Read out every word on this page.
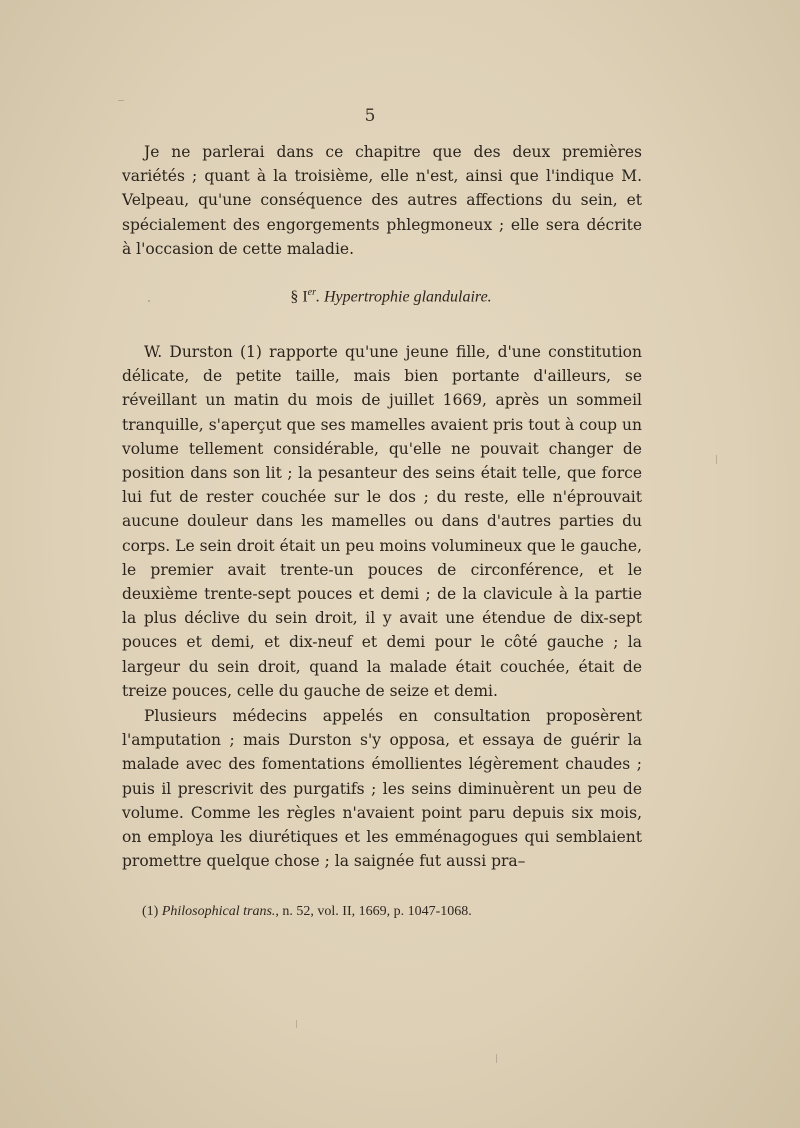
5

Je ne parlerai dans ce chapitre que des deux premières variétés ; quant à la troisième, elle n'est, ainsi que l'indique M. Velpeau, qu'une conséquence des autres affections du sein, et spécialement des engorgements phlegmoneux ; elle sera décrite à l'occasion de cette maladie.

§ Ier. Hypertrophie glandulaire.

W. Durston (1) rapporte qu'une jeune fille, d'une constitution délicate, de petite taille, mais bien portante d'ailleurs, se réveillant un matin du mois de juillet 1669, après un sommeil tranquille, s'aperçut que ses mamelles avaient pris tout à coup un volume tellement considérable, qu'elle ne pouvait changer de position dans son lit ; la pesanteur des seins était telle, que force lui fut de rester couchée sur le dos ; du reste, elle n'éprouvait aucune douleur dans les mamelles ou dans d'autres parties du corps. Le sein droit était un peu moins volumineux que le gauche, le premier avait trente-un pouces de circonférence, et le deuxième trente-sept pouces et demi ; de la clavicule à la partie la plus déclive du sein droit, il y avait une étendue de dix-sept pouces et demi, et dix-neuf et demi pour le côté gauche ; la largeur du sein droit, quand la malade était couchée, était de treize pouces, celle du gauche de seize et demi.

Plusieurs médecins appelés en consultation proposèrent l'amputation ; mais Durston s'y opposa, et essaya de guérir la malade avec des fomentations émollientes légèrement chaudes ; puis il prescrivit des purgatifs ; les seins diminuèrent un peu de volume. Comme les règles n'avaient point paru depuis six mois, on employa les diurétiques et les emménagogues qui semblaient promettre quelque chose ; la saignée fut aussi pra–

(1) Philosophical trans., n. 52, vol. II, 1669, p. 1047-1068.
